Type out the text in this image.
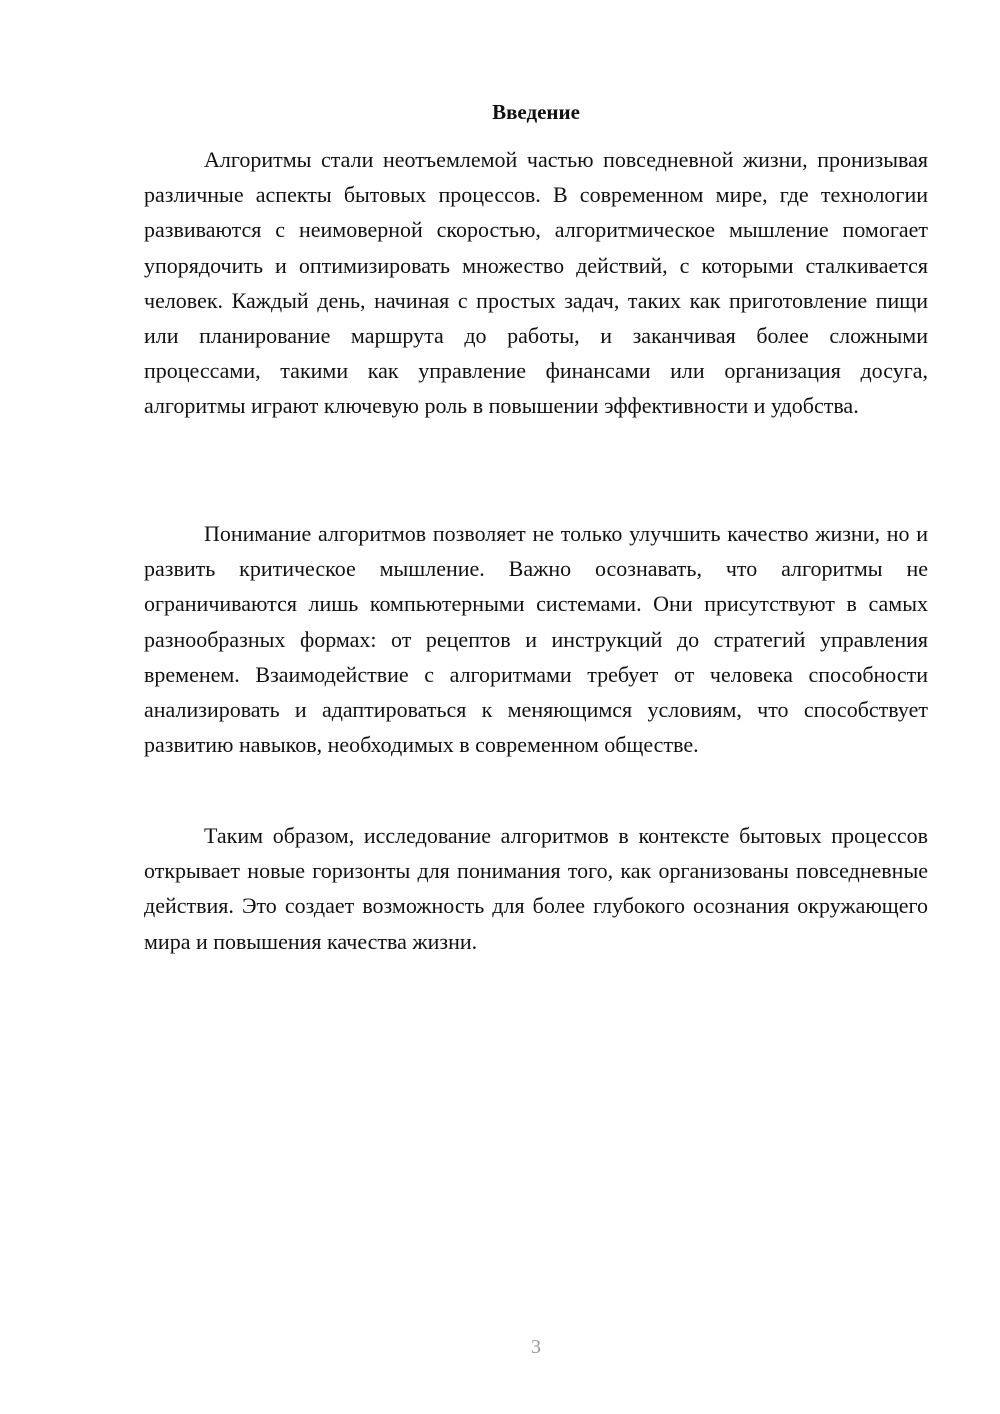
Введение

Алгоритмы стали неотъемлемой частью повседневной жизни, пронизывая различные аспекты бытовых процессов. В современном мире, где технологии развиваются с неимоверной скоростью, алгоритмическое мышление помогает упорядочить и оптимизировать множество действий, с которыми сталкивается человек. Каждый день, начиная с простых задач, таких как приготовление пищи или планирование маршрута до работы, и заканчивая более сложными процессами, такими как управление финансами или организация досуга, алгоритмы играют ключевую роль в повышении эффективности и удобства.

Понимание алгоритмов позволяет не только улучшить качество жизни, но и развить критическое мышление. Важно осознавать, что алгоритмы не ограничиваются лишь компьютерными системами. Они присутствуют в самых разнообразных формах: от рецептов и инструкций до стратегий управления временем. Взаимодействие с алгоритмами требует от человека способности анализировать и адаптироваться к меняющимся условиям, что способствует развитию навыков, необходимых в современном обществе.

Таким образом, исследование алгоритмов в контексте бытовых процессов открывает новые горизонты для понимания того, как организованы повседневные действия. Это создает возможность для более глубокого осознания окружающего мира и повышения качества жизни.

3
